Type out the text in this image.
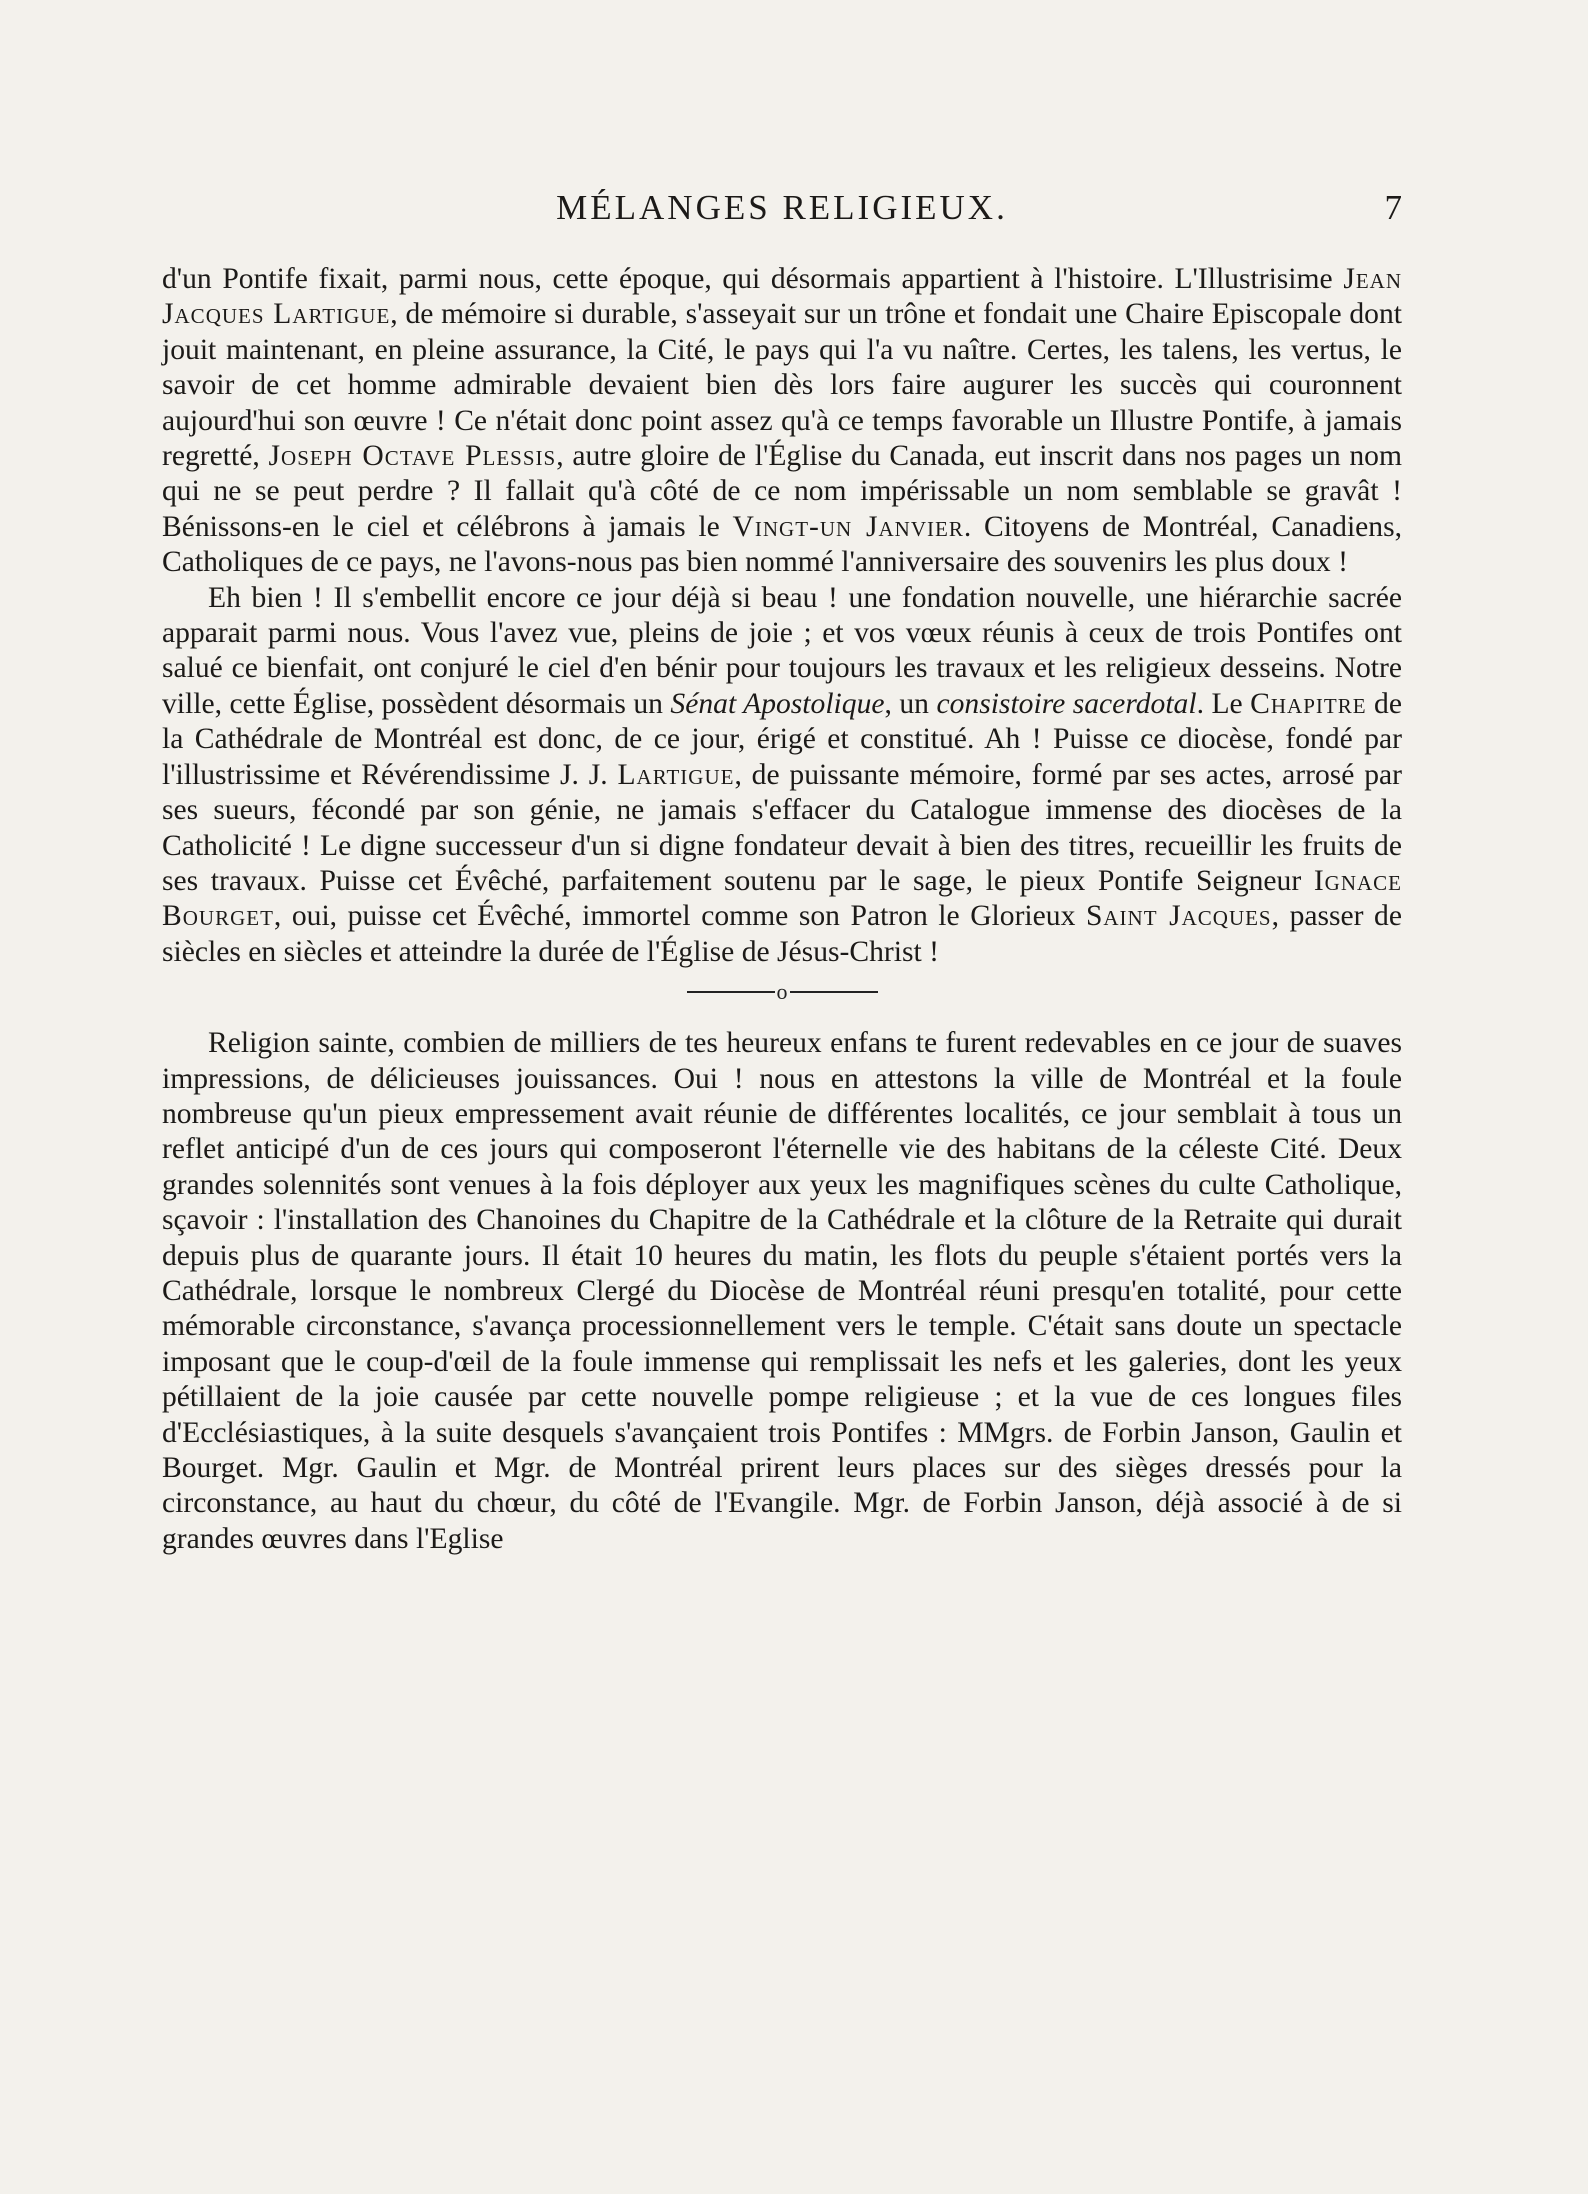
MÉLANGES RELIGIEUX.	7

d'un Pontife fixait, parmi nous, cette époque, qui désormais appartient à l'histoire. L'Illustrisime Jean Jacques Lartigue, de mémoire si durable, s'asseyait sur un trône et fondait une Chaire Episcopale dont jouit maintenant, en pleine assurance, la Cité, le pays qui l'a vu naître. Certes, les talens, les vertus, le savoir de cet homme admirable devaient bien dès lors faire augurer les succès qui couronnent aujourd'hui son œuvre ! Ce n'était donc point assez qu'à ce temps favorable un Illustre Pontife, à jamais regretté, Joseph Octave Plessis, autre gloire de l'Église du Canada, eut inscrit dans nos pages un nom qui ne se peut perdre ? Il fallait qu'à côté de ce nom impérissable un nom semblable se gravât ! Bénissons-en le ciel et célébrons à jamais le Vingt-un Janvier. Citoyens de Montréal, Canadiens, Catholiques de ce pays, ne l'avons-nous pas bien nommé l'anniversaire des souvenirs les plus doux !

Eh bien ! Il s'embellit encore ce jour déjà si beau ! une fondation nouvelle, une hiérarchie sacrée apparait parmi nous. Vous l'avez vue, pleins de joie ; et vos vœux réunis à ceux de trois Pontifes ont salué ce bienfait, ont conjuré le ciel d'en bénir pour toujours les travaux et les religieux desseins. Notre ville, cette Église, possèdent désormais un Sénat Apostolique, un consistoire sacerdotal. Le Chapitre de la Cathédrale de Montréal est donc, de ce jour, érigé et constitué. Ah ! Puisse ce diocèse, fondé par l'illustrissime et Révérendissime J. J. Lartigue, de puissante mémoire, formé par ses actes, arrosé par ses sueurs, fécondé par son génie, ne jamais s'effacer du Catalogue immense des diocèses de la Catholicité ! Le digne successeur d'un si digne fondateur devait à bien des titres, recueillir les fruits de ses travaux. Puisse cet Évêché, parfaitement soutenu par le sage, le pieux Pontife Seigneur Ignace Bourget, oui, puisse cet Évêché, immortel comme son Patron le Glorieux Saint Jacques, passer de siècles en siècles et atteindre la durée de l'Église de Jésus-Christ !

o

Religion sainte, combien de milliers de tes heureux enfans te furent redevables en ce jour de suaves impressions, de délicieuses jouissances. Oui ! nous en attestons la ville de Montréal et la foule nombreuse qu'un pieux empressement avait réunie de différentes localités, ce jour semblait à tous un reflet anticipé d'un de ces jours qui composeront l'éternelle vie des habitans de la céleste Cité. Deux grandes solennités sont venues à la fois déployer aux yeux les magnifiques scènes du culte Catholique, sçavoir : l'installation des Chanoines du Chapitre de la Cathédrale et la clôture de la Retraite qui durait depuis plus de quarante jours. Il était 10 heures du matin, les flots du peuple s'étaient portés vers la Cathédrale, lorsque le nombreux Clergé du Diocèse de Montréal réuni presqu'en totalité, pour cette mémorable circonstance, s'avança processionnellement vers le temple. C'était sans doute un spectacle imposant que le coup-d'œil de la foule immense qui remplissait les nefs et les galeries, dont les yeux pétillaient de la joie causée par cette nouvelle pompe religieuse ; et la vue de ces longues files d'Ecclésiastiques, à la suite desquels s'avançaient trois Pontifes : MMgrs. de Forbin Janson, Gaulin et Bourget. Mgr. Gaulin et Mgr. de Montréal prirent leurs places sur des sièges dressés pour la circonstance, au haut du chœur, du côté de l'Evangile. Mgr. de Forbin Janson, déjà associé à de si grandes œuvres dans l'Eglise
